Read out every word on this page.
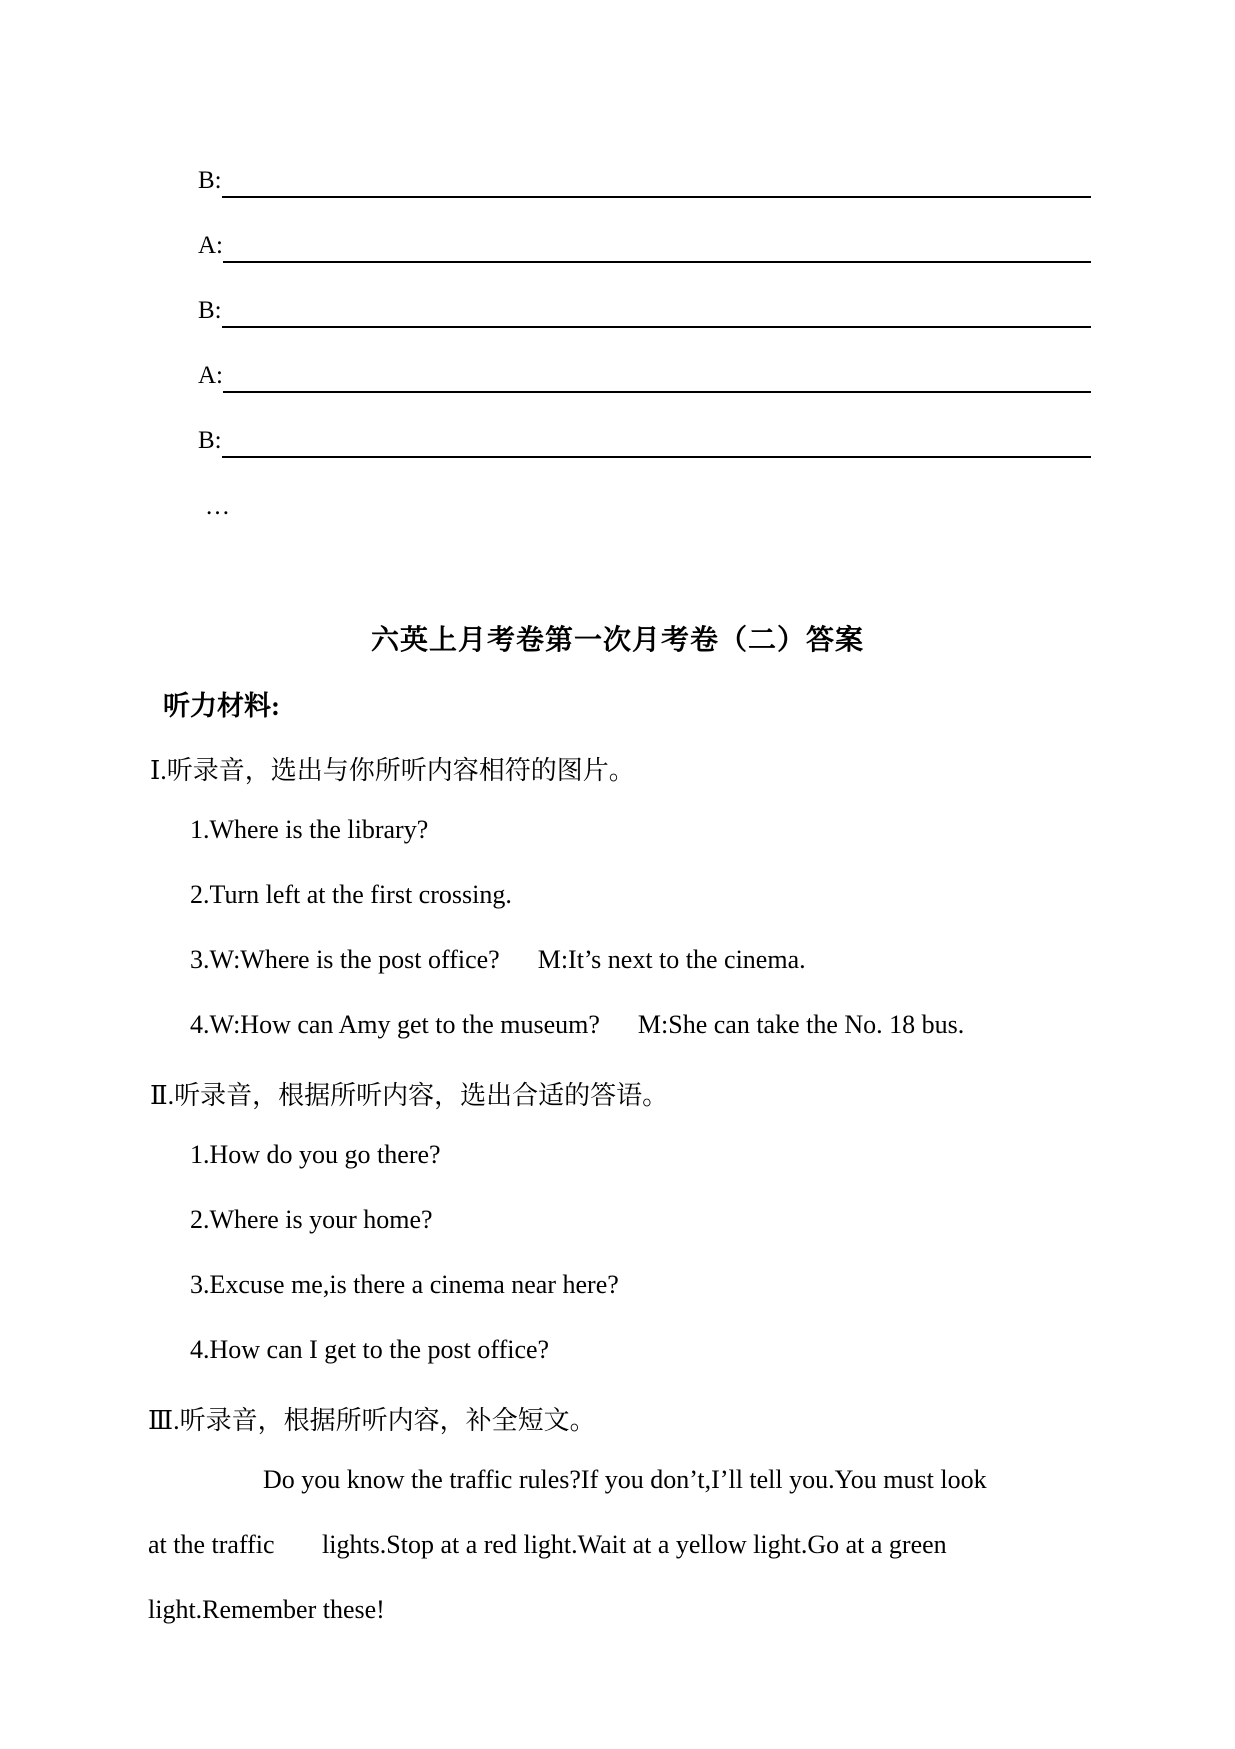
B:
A:
B:
A:
B:
…
六英上月考卷第一次月考卷（二）答案
听力材料:
Ⅰ.听录音，选出与你所听内容相符的图片。
1.Where is the library?
2.Turn left at the first crossing.
3.W:Where is the post office? M:It’s next to the cinema.
4.W:How can Amy get to the museum? M:She can take the No. 18 bus.
Ⅱ.听录音，根据所听内容，选出合适的答语。
1.How do you go there?
2.Where is your home?
3.Excuse me,is there a cinema near here?
4.How can I get to the post office?
Ⅲ.听录音，根据所听内容，补全短文。
Do you know the traffic rules?If you don’t,I’ll tell you.You must look
at the traffic lights.Stop at a red light.Wait at a yellow light.Go at a green
light.Remember these!
